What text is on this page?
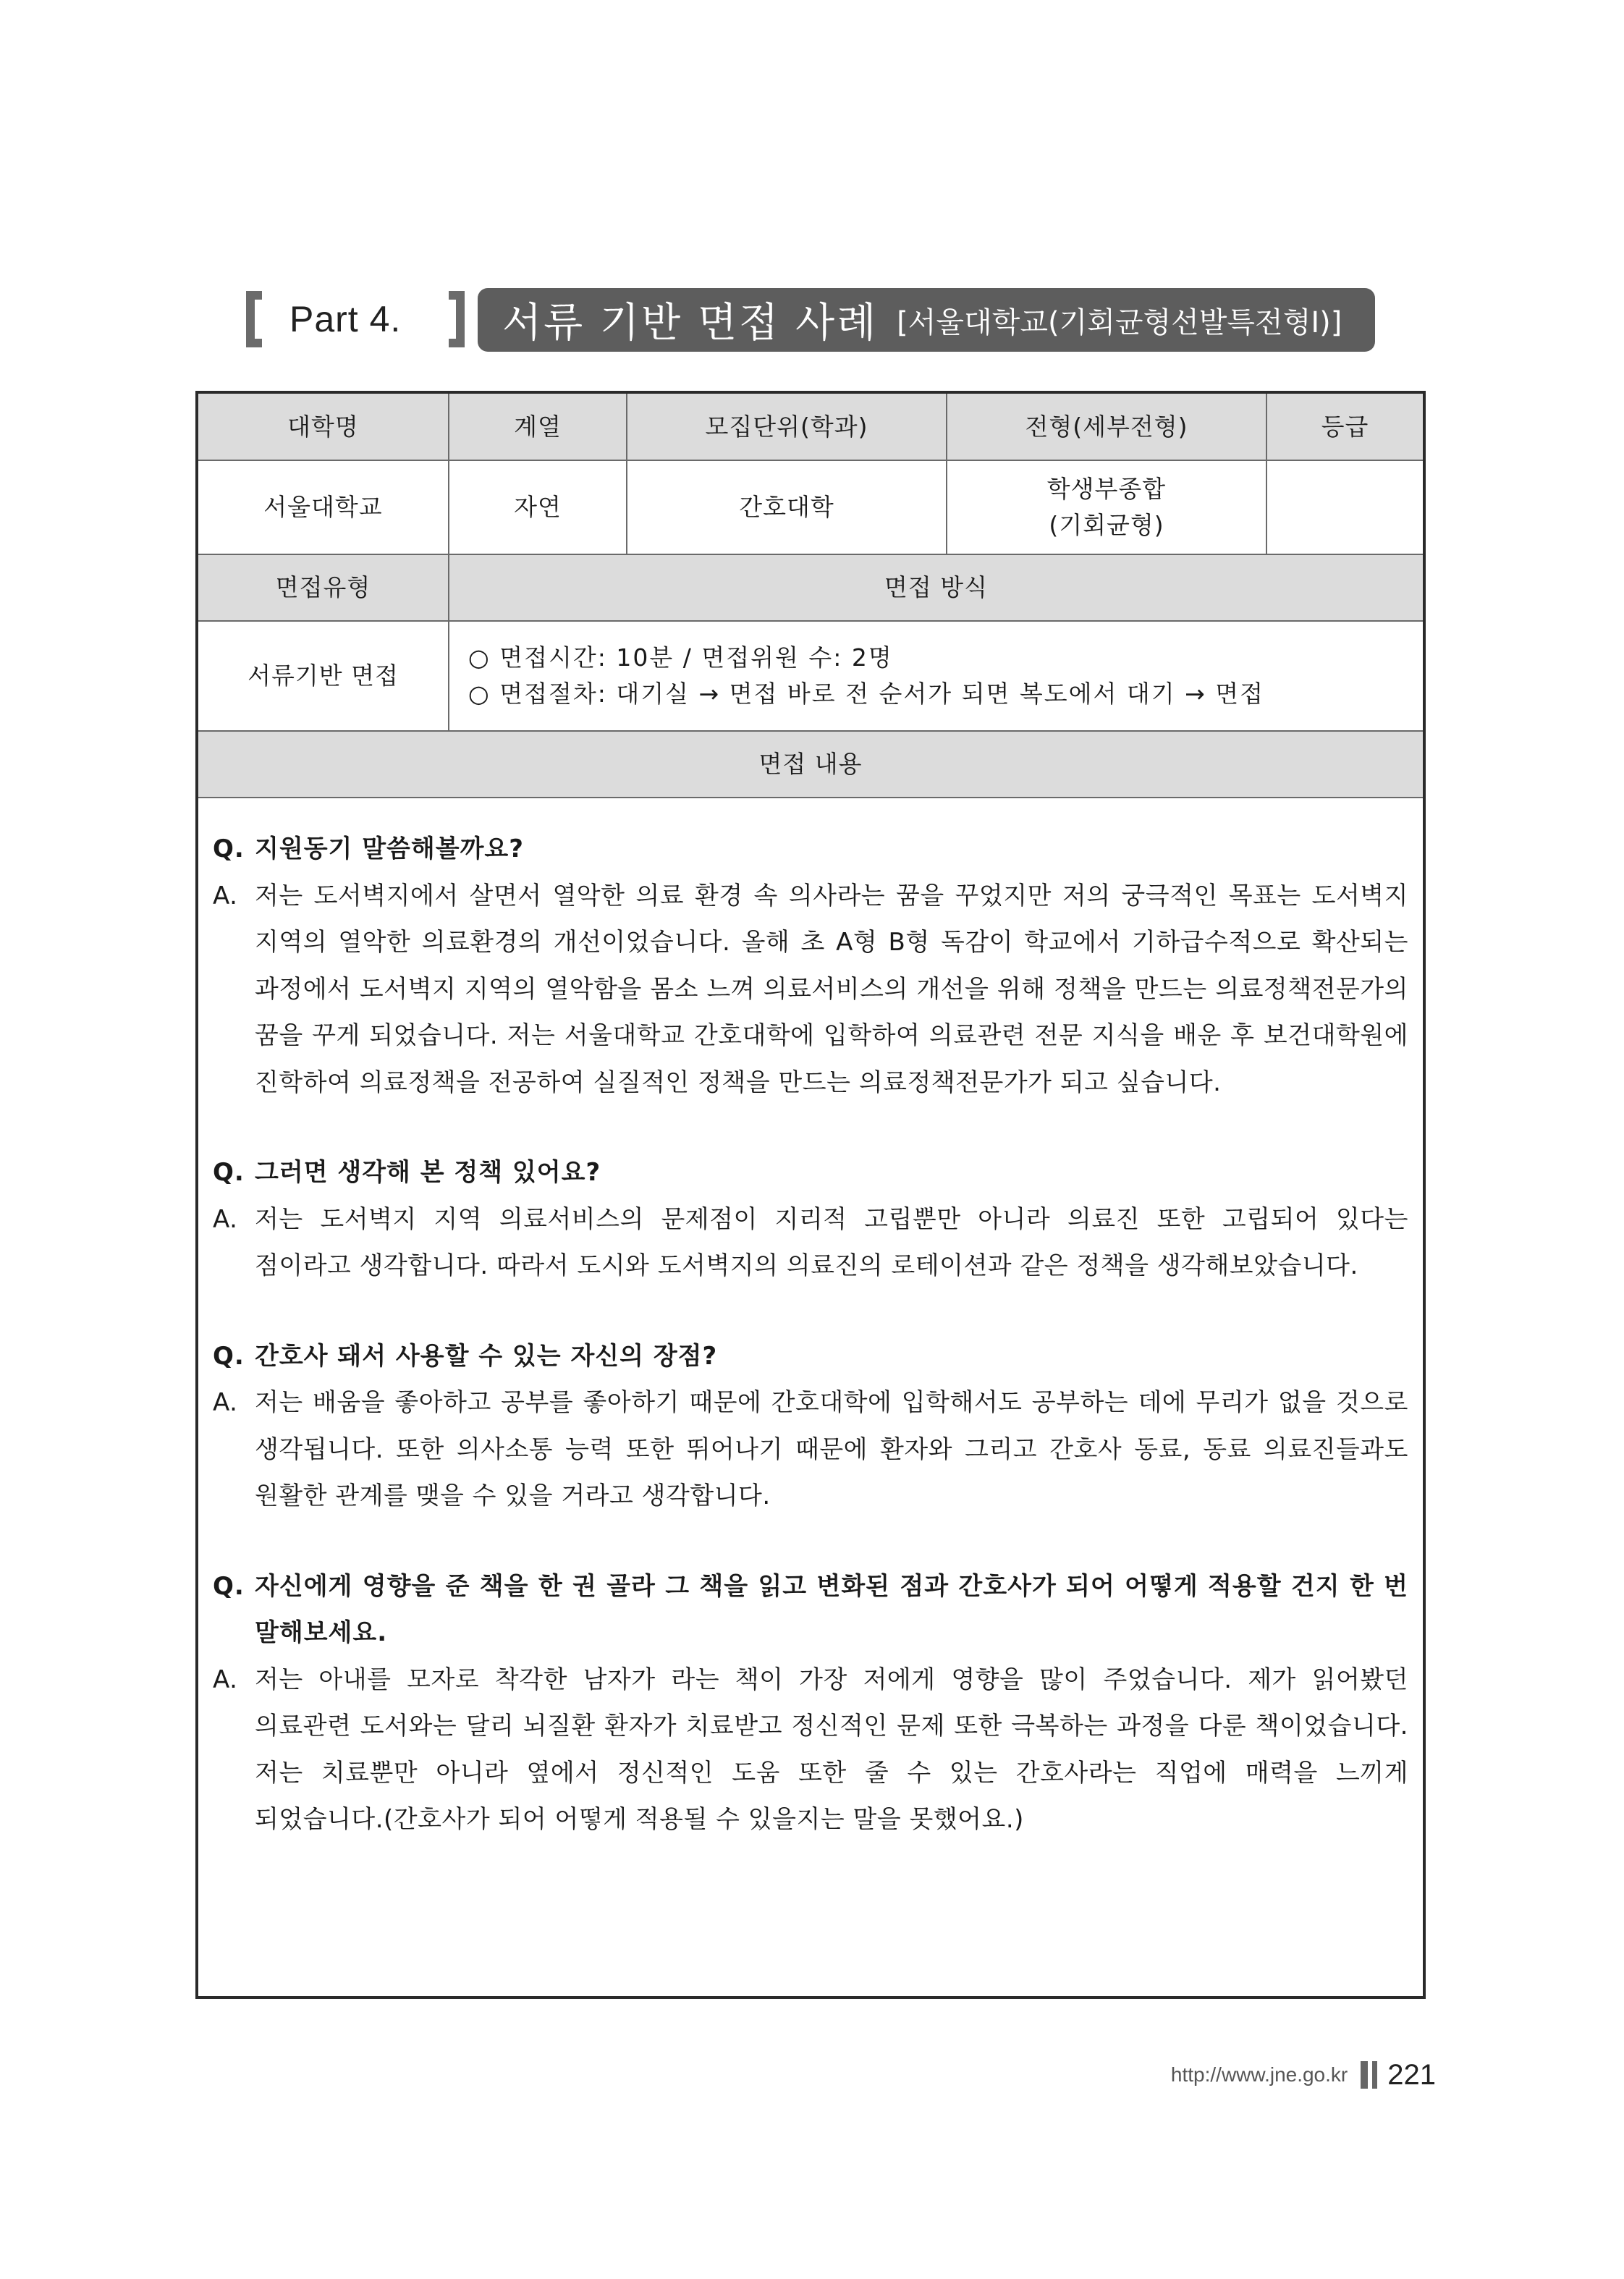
Part 4. 서류 기반 면접 사례 [서울대학교(기회균형선발특전형Ⅰ)]
대학명	계열	모집단위(학과)	전형(세부전형)	등급
서울대학교	자연	간호대학	학생부종합
(기회균형)	

면접유형	면접 방식			
서류기반 면접	○ 면접시간: 10분 / 면접위원 수: 2명
○ 면접절차: 대기실 → 면접 바로 전 순서가 되면 복도에서 대기 → 면접			

면접 내용				
Q. 지원동기 말씀해볼까요?
A. 저는 도서벽지에서 살면서 열악한 의료 환경 속 의사라는 꿈을 꾸었지만 저의 궁극적인 목표는 도서벽지 지역의 열악한 의료환경의 개선이었습니다. 올해 초 A형 B형 독감이 학교에서 기하급수적으로 확산되는 과정에서 도서벽지 지역의 열악함을 몸소 느껴 의료서비스의 개선을 위해 정책을 만드는 의료정책전문가의 꿈을 꾸게 되었습니다. 저는 서울대학교 간호대학에 입학하여 의료관련 전문 지식을 배운 후 보건대학원에 진학하여 의료정책을 전공하여 실질적인 정책을 만드는 의료정책전문가가 되고 싶습니다.
Q. 그러면 생각해 본 정책 있어요?
A. 저는 도서벽지 지역 의료서비스의 문제점이 지리적 고립뿐만 아니라 의료진 또한 고립되어 있다는 점이라고 생각합니다. 따라서 도시와 도서벽지의 의료진의 로테이션과 같은 정책을 생각해보았습니다.
Q. 간호사 돼서 사용할 수 있는 자신의 장점?
A. 저는 배움을 좋아하고 공부를 좋아하기 때문에 간호대학에 입학해서도 공부하는 데에 무리가 없을 것으로 생각됩니다. 또한 의사소통 능력 또한 뛰어나기 때문에 환자와 그리고 간호사 동료, 동료 의료진들과도 원활한 관계를 맺을 수 있을 거라고 생각합니다.
Q. 자신에게 영향을 준 책을 한 권 골라 그 책을 읽고 변화된 점과 간호사가 되어 어떻게 적용할 건지 한 번 말해보세요.
A. 저는 아내를 모자로 착각한 남자가 라는 책이 가장 저에게 영향을 많이 주었습니다. 제가 읽어봤던 의료관련 도서와는 달리 뇌질환 환자가 치료받고 정신적인 문제 또한 극복하는 과정을 다룬 책이었습니다. 저는 치료뿐만 아니라 옆에서 정신적인 도움 또한 줄 수 있는 간호사라는 직업에 매력을 느끼게 되었습니다.(간호사가 되어 어떻게 적용될 수 있을지는 말을 못했어요.)
http://www.jne.go.kr 221
